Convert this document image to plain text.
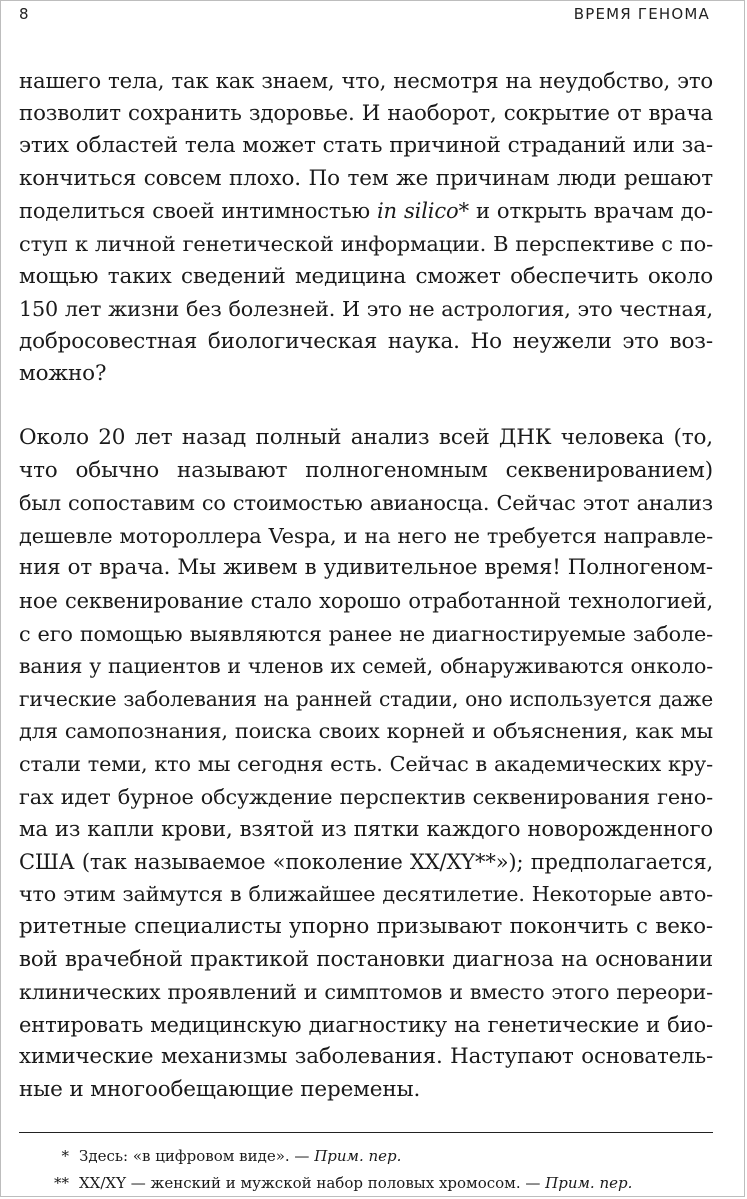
8	ВРЕМЯ ГЕНОМА

нашего тела, так как знаем, что, несмотря на неудобство, это
позволит сохранить здоровье. И наоборот, сокрытие от врача
этих областей тела может стать причиной страданий или за-
кончиться совсем плохо. По тем же причинам люди решают
поделиться своей интимностью in silico* и открыть врачам до-
ступ к личной генетической информации. В перспективе с по-
мощью таких сведений медицина сможет обеспечить около
150 лет жизни без болезней. И это не астрология, это честная,
добросовестная биологическая наука. Но неужели это воз-
можно?

Около 20 лет назад полный анализ всей ДНК человека (то,
что обычно называют полногеномным секвенированием)
был сопоставим со стоимостью авианосца. Сейчас этот анализ
дешевле мотороллера Vespa, и на него не требуется направле-
ния от врача. Мы живем в удивительное время! Полногеном-
ное секвенирование стало хорошо отработанной технологией,
с его помощью выявляются ранее не диагностируемые заболе-
вания у пациентов и членов их семей, обнаруживаются онколо-
гические заболевания на ранней стадии, оно используется даже
для самопознания, поиска своих корней и объяснения, как мы
стали теми, кто мы сегодня есть. Сейчас в академических кру-
гах идет бурное обсуждение перспектив секвенирования гено-
ма из капли крови, взятой из пятки каждого новорожденного
США (так называемое «поколение XX/XY**»); предполагается,
что этим займутся в ближайшее десятилетие. Некоторые авто-
ритетные специалисты упорно призывают покончить с веко-
вой врачебной практикой постановки диагноза на основании
клинических проявлений и симптомов и вместо этого переори-
ентировать медицинскую диагностику на генетические и био-
химические механизмы заболевания. Наступают основатель-
ные и многообещающие перемены.

* Здесь: «в цифровом виде». — Прим. пер.
** XX/XY — женский и мужской набор половых хромосом. — Прим. пер.
